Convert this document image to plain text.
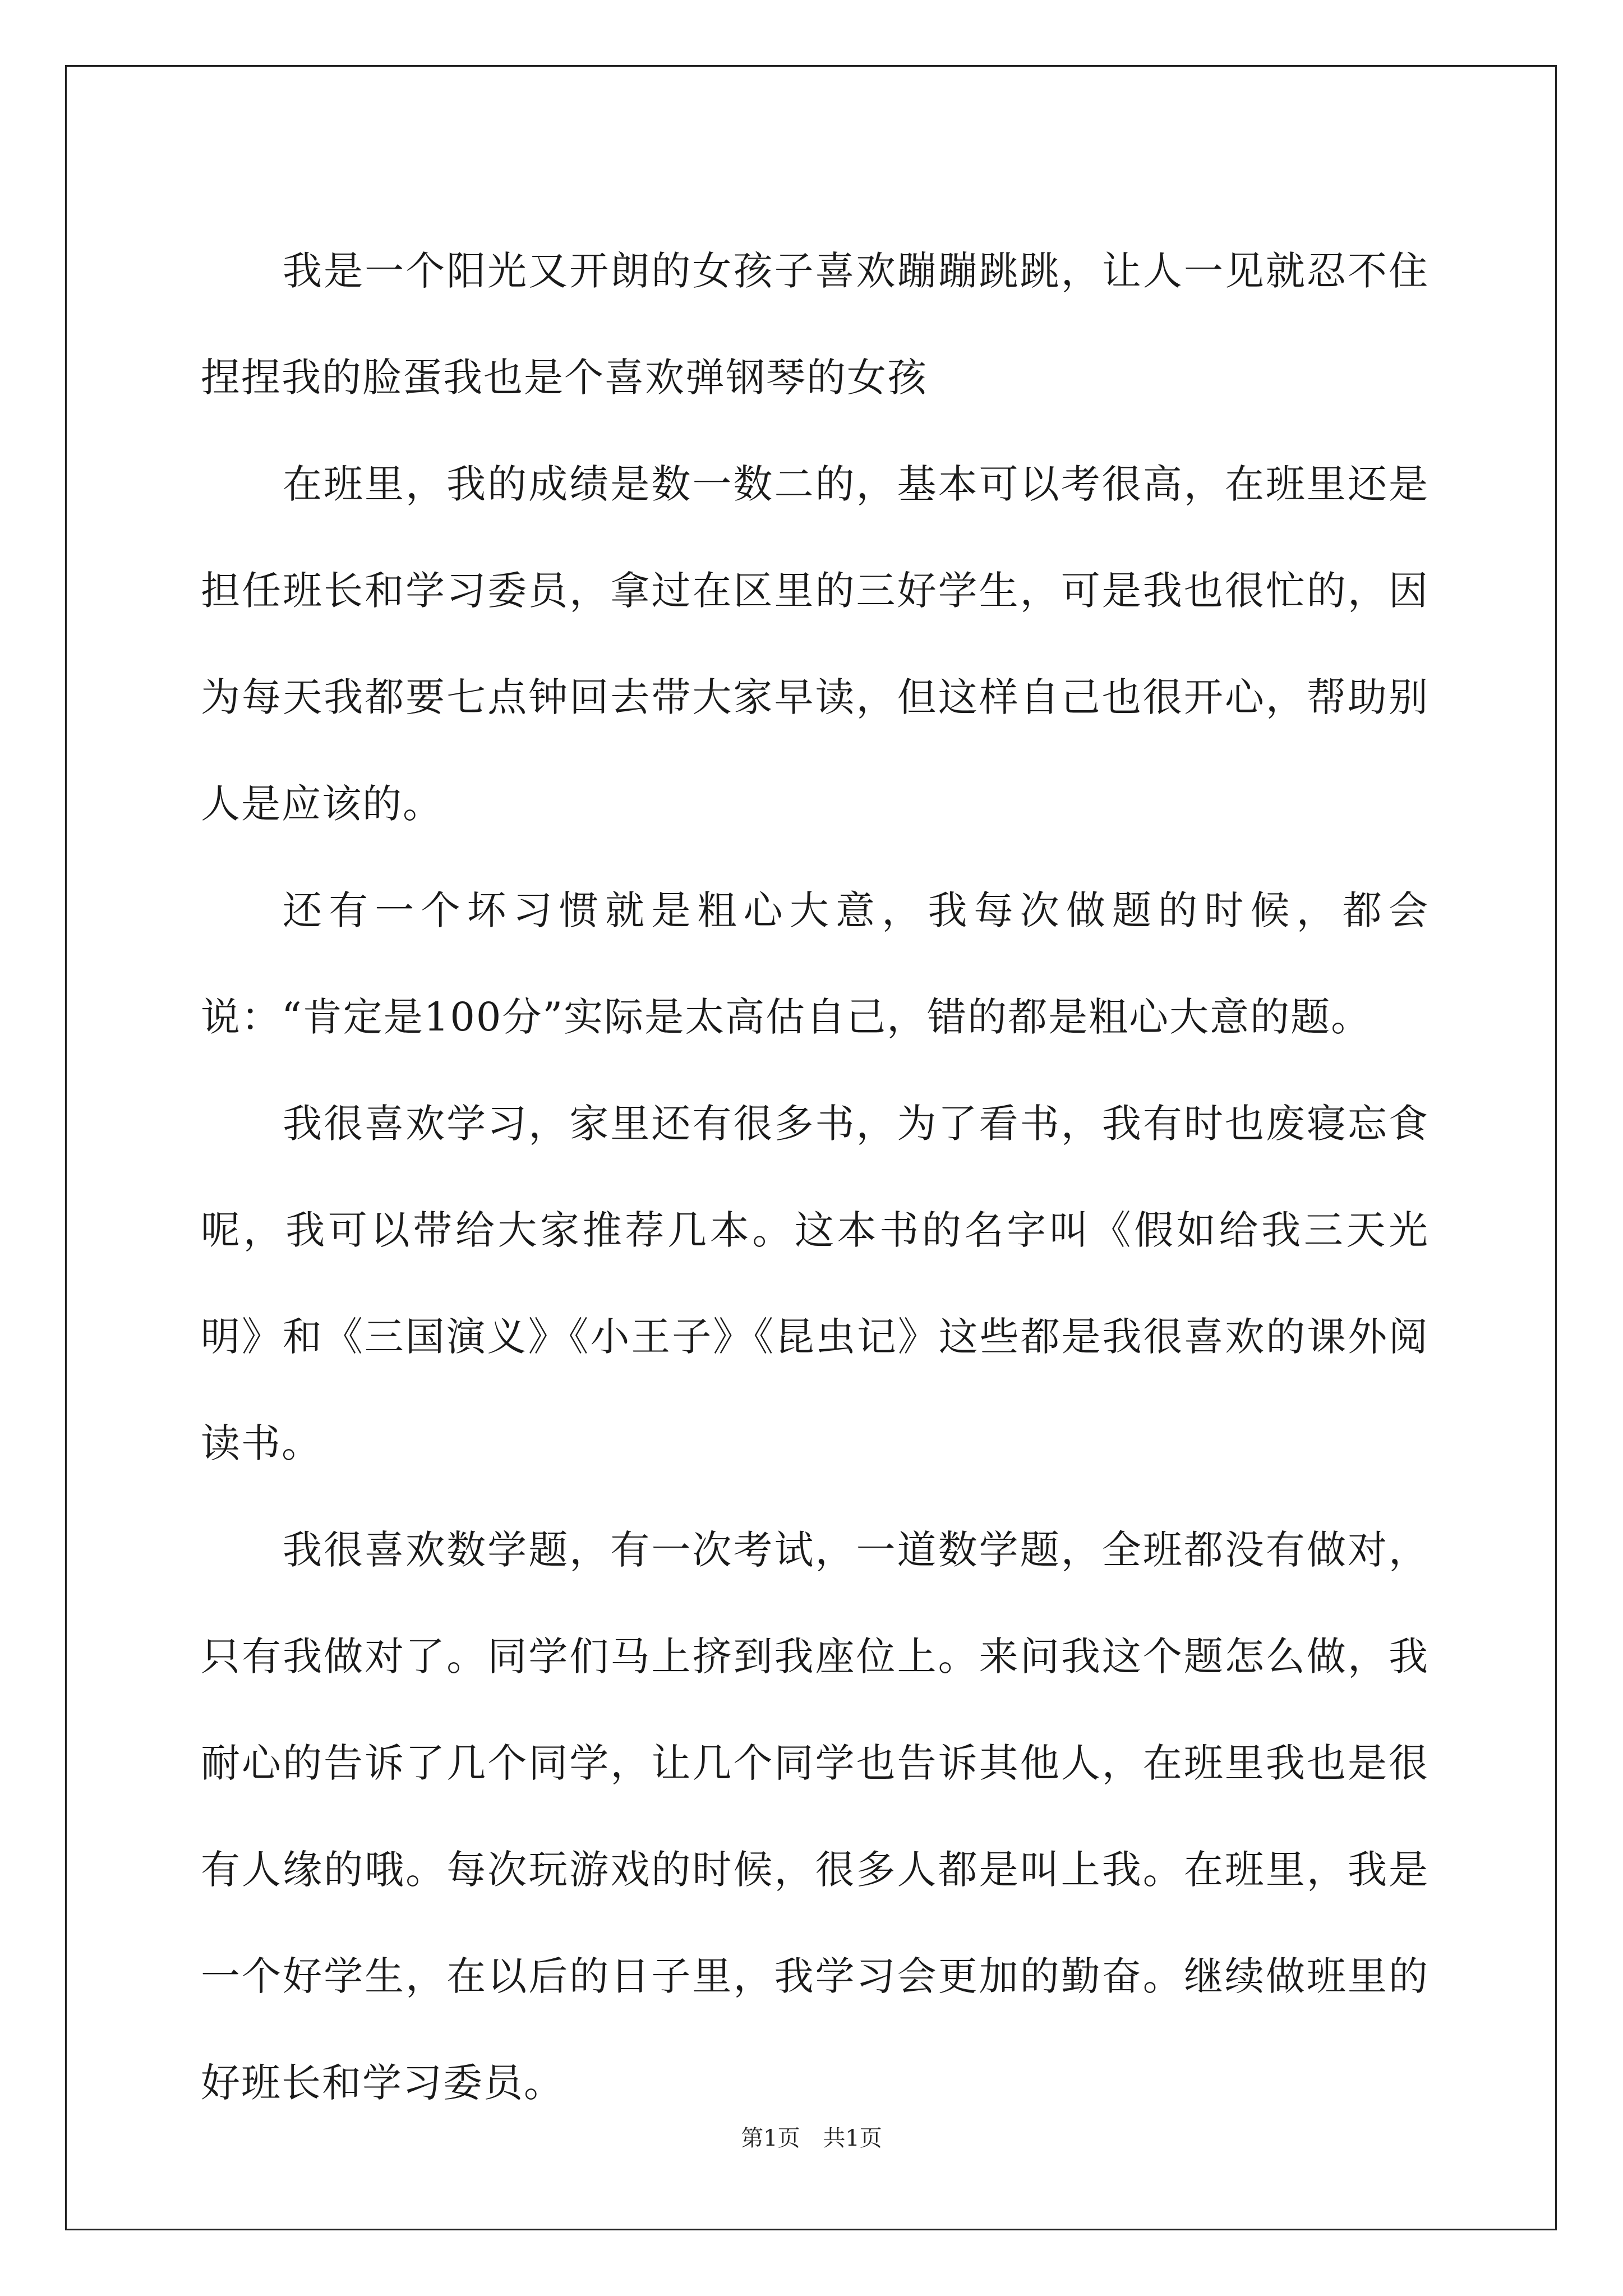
我是一个阳光又开朗的女孩子喜欢蹦蹦跳跳，让人一见就忍不住捏捏我的脸蛋我也是个喜欢弹钢琴的女孩

在班里，我的成绩是数一数二的，基本可以考很高，在班里还是担任班长和学习委员，拿过在区里的三好学生，可是我也很忙的，因为每天我都要七点钟回去带大家早读，但这样自己也很开心，帮助别人是应该的。

还有一个坏习惯就是粗心大意，我每次做题的时候，都会说：“肯定是100分”实际是太高估自己，错的都是粗心大意的题。

我很喜欢学习，家里还有很多书，为了看书，我有时也废寝忘食呢，我可以带给大家推荐几本。这本书的名字叫《假如给我三天光明》和《三国演义》《小王子》《昆虫记》这些都是我很喜欢的课外阅读书。

我很喜欢数学题，有一次考试，一道数学题，全班都没有做对，只有我做对了。同学们马上挤到我座位上。来问我这个题怎么做，我耐心的告诉了几个同学，让几个同学也告诉其他人，在班里我也是很有人缘的哦。每次玩游戏的时候，很多人都是叫上我。在班里，我是一个好学生，在以后的日子里，我学习会更加的勤奋。继续做班里的好班长和学习委员。

第1页 共1页
